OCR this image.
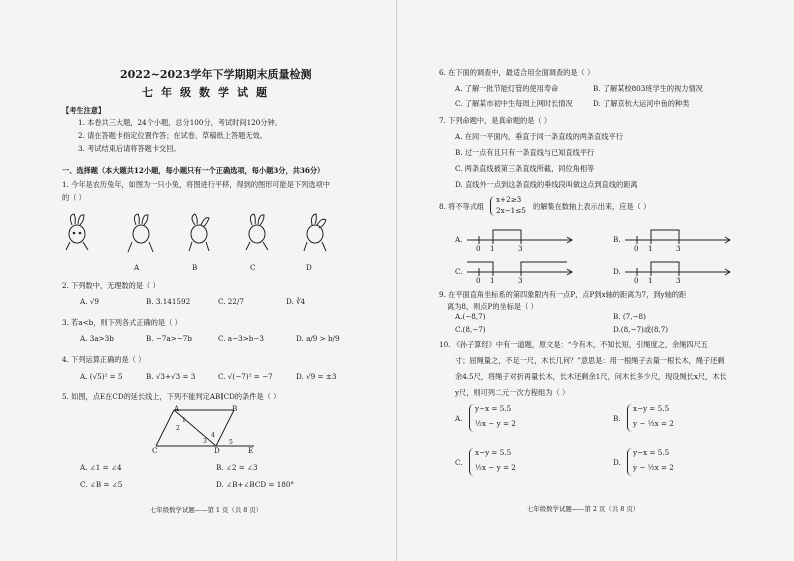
2022~2023学年下学期期末质量检测
七年级数学试题
【考生注意】
1. 本卷共三大题，24个小题，总分100分，考试时间120分钟。
2. 请在答题卡指定位置作答；在试卷、草稿纸上答题无效。
3. 考试结束后请将答题卡交回。
一、选择题（本大题共12小题，每小题只有一个正确选项，每小题3分，共36分）
1. 今年是农历兔年，如图为一只小兔，将图进行平移，得到的图形可能是下列选项中
的（ ）
A	B	C	D
2. 下列数中，无理数的是（ ）
A. √9	B. 3.141592	C. 22/7	D. ∛4
3. 若a<b，则下列各式正确的是（ ）
A. 3a>3b	B. −7a>−7b	C. a−3>b−3	D. a/9 > b/9
4. 下列运算正确的是（ ）
A. (√5)² = 5	B. √3+√3 = 3	C. √(−7)² = −7	D. √9 = ±3
5. 如图，点E在CD的延长线上，下列不能判定AB∥CD的条件是（ ）
A	B
C	D	E
1
2
3
4
5
A. ∠1 = ∠4	B. ∠2 = ∠3
C. ∠B = ∠5	D. ∠B+∠BCD = 180°
七年级数学试题——第 1 页（共 8 页）
6. 在下面的调查中，最适合用全面调查的是（ ）
A. 了解一批节能灯管的使用寿命	B. 了解某校803班学生的视力情况
C. 了解某市初中生每周上网时长情况	D. 了解京杭大运河中鱼的种类
7. 下列命题中，是真命题的是（ ）
A. 在同一平面内，垂直于同一条直线的两条直线平行
B. 过一点有且只有一条直线与已知直线平行
C. 两条直线被第三条直线所截，同位角相等
D. 直线外一点到这条直线的垂线段叫做这点到直线的距离
8. 将不等式组
x+2≥3
2x−1≤5 的解集在数轴上表示出来，应是（ ）
A.
0 1	3
B.
0 1	3
C.
0 1	3
D.
0 1	3
9. 在平面直角坐标系的第四象限内有一点P，点P到x轴的距离为7，到y轴的距
离为8，则点P的坐标是（ ）
A.(−8,7)	B. (7,−8)
C.(8,−7)	D.(8,−7)或(8,7)
10. 《孙子算经》中有一道题，原文是：“今有木，不知长短，引绳度之，余绳四尺五
寸；屈绳量之，不足一尺，木长几何？”意思是：用一根绳子去量一根长木，绳子还剩
余4.5尺，将绳子对折再量长木，长木还剩余1尺，问木长多少尺，现设绳长x尺，木长
y尺，则可列二元一次方程组为（ ）
A.
y−x = 5.5
½x − y = 2
B.
x−y = 5.5
y − ½x = 2
C.
x−y = 5.5
½x − y = 2
D.
y−x = 5.5
y − ½x = 2
七年级数学试题——第 2 页（共 8 页）
